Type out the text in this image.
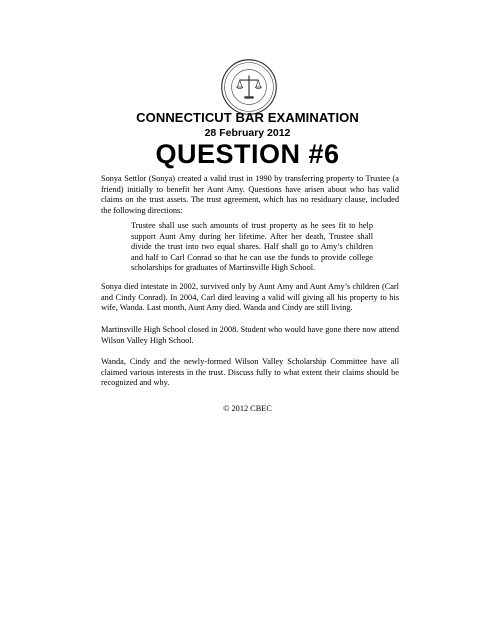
· · · · · · · · · · · · ·
CONNECTICUT BAR EXAMINATION
28 February 2012
QUESTION #6
Sonya Settlor (Sonya) created a valid trust in 1990 by transferring property to Trustee (a friend) initially to benefit her Aunt Amy. Questions have arisen about who has valid claims on the trust assets. The trust agreement, which has no residuary clause, included the following directions:
Trustee shall use such amounts of trust property as he sees fit to help support Aunt Amy during her lifetime. After her death, Trustee shall divide the trust into two equal shares. Half shall go to Amy’s children and half to Carl Conrad so that he can use the funds to provide college scholarships for graduates of Martinsville High School.
Sonya died intestate in 2002, survived only by Aunt Amy and Aunt Amy’s children (Carl and Cindy Conrad). In 2004, Carl died leaving a valid will giving all his property to his wife, Wanda. Last month, Aunt Amy died. Wanda and Cindy are still living.
Martinsville High School closed in 2008. Student who would have gone there now attend Wilson Valley High School.
Wanda, Cindy and the newly-formed Wilson Valley Scholarship Committee have all claimed various interests in the trust. Discuss fully to what extent their claims should be recognized and why.
© 2012 CBEC
